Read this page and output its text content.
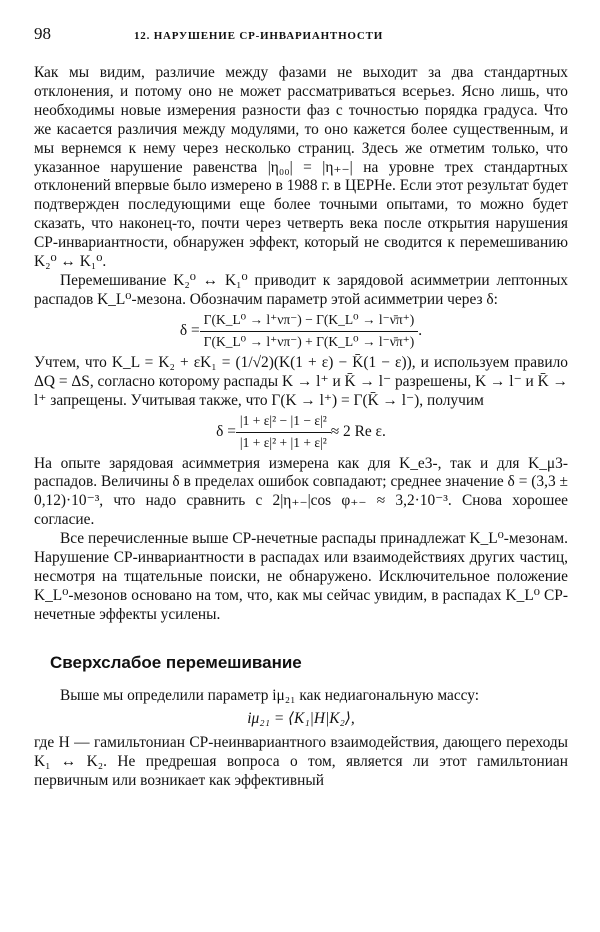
98	12. НАРУШЕНИЕ CP-ИНВАРИАНТНОСТИ

Как мы видим, различие между фазами не выходит за два стандартных отклонения, и потому оно не может рассматриваться всерьез. Ясно лишь, что необходимы новые измерения разности фаз с точностью порядка градуса. Что же касается различия между модулями, то оно кажется более существенным, и мы вернемся к нему через несколько страниц. Здесь же отметим только, что указанное нарушение равенства |η₀₀| = |η₊₋| на уровне трех стандартных отклонений впервые было измерено в 1988 г. в ЦЕРНе. Если этот результат будет подтвержден последующими еще более точными опытами, то можно будет сказать, что наконец-то, почти через четверть века после открытия нарушения CP-инвариантности, обнаружен эффект, который не сводится к перемешиванию K₂⁰ ↔ K₁⁰.

Перемешивание K₂⁰ ↔ K₁⁰ приводит к зарядовой асимметрии лептонных распадов K_L⁰-мезона. Обозначим параметр этой асимметрии через δ:

$\delta = \frac{\text{Γ(K\_L⁰ → l⁺νπ⁻) − Γ(K\_L⁰ → l⁻ν̄π⁺)}}{\text{Γ(K\_L⁰ → l⁺νπ⁻) + Γ(K\_L⁰ → l⁻ν̄π⁺)}}$ .

Учтем, что K_L = K₂ + εK₁ = (1/√2)(K(1 + ε) − K̄(1 − ε)), и используем правило ΔQ = ΔS, согласно которому распады K → l⁺ и K̄ → l⁻ разрешены, K → l⁻ и K̄ → l⁺ запрещены. Учитывая также, что Γ(K → l⁺) = Γ(K̄ → l⁻), получим

$\delta = \frac{\text{|1 + ε|² − |1 − ε|²}}{\text{|1 + ε|² + |1 + ε|²}} \approx 2$ Re ε.

На опыте зарядовая асимметрия измерена как для K_e3-, так и для K_μ3-распадов. Величины δ в пределах ошибок совпадают; среднее значение δ = (3,3 ± 0,12)·10⁻³, что надо сравнить с 2|η₊₋|cos φ₊₋ ≈ 3,2·10⁻³. Снова хорошее согласие.

Все перечисленные выше CP-нечетные распады принадлежат K_L⁰-мезонам. Нарушение CP-инвариантности в распадах или взаимодействиях других частиц, несмотря на тщательные поиски, не обнаружено. Исключительное положение K_L⁰-мезонов основано на том, что, как мы сейчас увидим, в распадах K_L⁰ CP-нечетные эффекты усилены.

Сверхслабое перемешивание

Выше мы определили параметр iμ₂₁ как недиагональную массу:

iμ₂₁ = ⟨K₁|H|K₂⟩,

где H — гамильтониан CP-неинвариантного взаимодействия, дающего переходы K₁ ↔ K₂. Не предрешая вопроса о том, является ли этот гамильтониан первичным или возникает как эффективный
